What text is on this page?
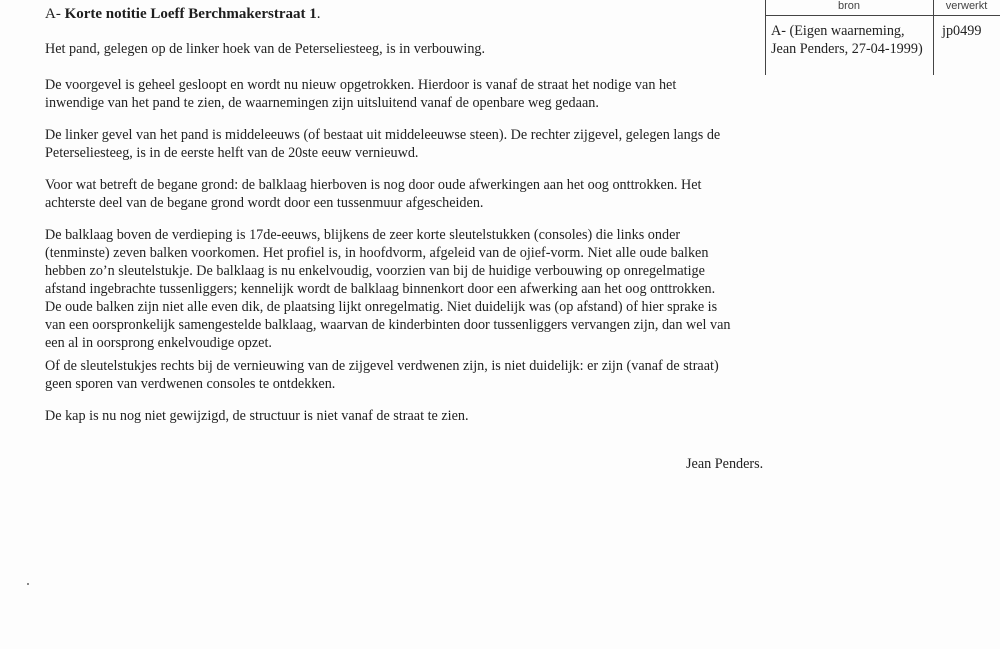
A- Korte notitie Loeff Berchmakerstraat 1.
Het pand, gelegen op de linker hoek van de Peterseliesteeg, is in verbouwing.
De voorgevel is geheel gesloopt en wordt nu nieuw opgetrokken. Hierdoor is vanaf de straat het nodige van het
inwendige van het pand te zien, de waarnemingen zijn uitsluitend vanaf de openbare weg gedaan.
De linker gevel van het pand is middeleeuws (of bestaat uit middeleeuwse steen). De rechter zijgevel, gelegen langs de
Peterseliesteeg, is in de eerste helft van de 20ste eeuw vernieuwd.
Voor wat betreft de begane grond: de balklaag hierboven is nog door oude afwerkingen aan het oog onttrokken. Het
achterste deel van de begane grond wordt door een tussenmuur afgescheiden.
De balklaag boven de verdieping is 17de-eeuws, blijkens de zeer korte sleutelstukken (consoles) die links onder
(tenminste) zeven balken voorkomen. Het profiel is, in hoofdvorm, afgeleid van de ojief-vorm. Niet alle oude balken
hebben zo’n sleutelstukje. De balklaag is nu enkelvoudig, voorzien van bij de huidige verbouwing op onregelmatige
afstand ingebrachte tussenliggers; kennelijk wordt de balklaag binnenkort door een afwerking aan het oog onttrokken.
De oude balken zijn niet alle even dik, de plaatsing lijkt onregelmatig. Niet duidelijk was (op afstand) of hier sprake is
van een oorspronkelijk samengestelde balklaag, waarvan de kinderbinten door tussenliggers vervangen zijn, dan wel van
een al in oorsprong enkelvoudige opzet.
Of de sleutelstukjes rechts bij de vernieuwing van de zijgevel verdwenen zijn, is niet duidelijk: er zijn (vanaf de straat)
geen sporen van verdwenen consoles te ontdekken.
De kap is nu nog niet gewijzigd, de structuur is niet vanaf de straat te zien.
Jean Penders.
bron	verwerkt
A- (Eigen waarneming,
Jean Penders, 27-04-1999)
jp0499
